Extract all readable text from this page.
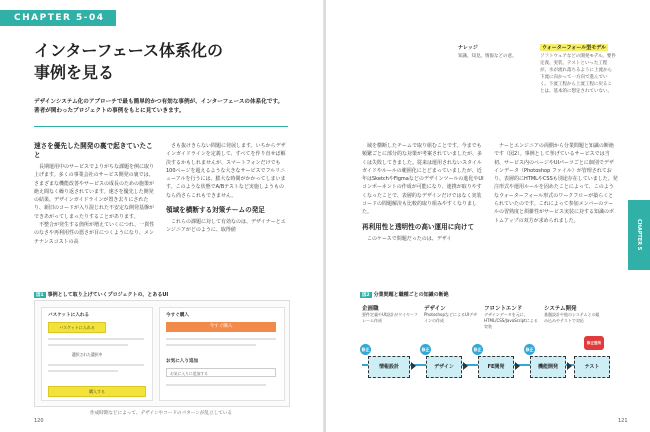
CHAPTER 5-04
インターフェース体系化の
事例を見る
デザインシステム化のアプローチで最も簡単的かつ有効な事例が、インターフェースの体系化です。著者が関わったプロジェクトの事例をもとに見ていきます。
速さを優先した開発の裏で起きていたこと

長期運用中のサービスでよりがちな課題を例に取り上げます。多くの事業会社のサービス開発の裏では、さまざまな機能改善やサービスの成長のための施策が絶え間なく繰り返されています。速さを優先した開発の結果、デザインガイドラインが置き去りにされたり、新旧のコードが入り混じれた不安定な開発基盤ができあがってしまったりすることがあります。

不整合が発生する箇所が増えていくにつれ、一貫性のなさや再利用性の悪さが目につくようになり、メンテナンスコストの高

さも抜けきらない問題に発展します。いちからデザインガイドラインを定義して、すべてを作り直せば解決するかもしれませんが、スマートフォンだけでも100ページを超えるような大きなサービスでフルリニューアルを行うには、膨大な時間がかかってしまいます。このような状態でA/Bテストなど実施しようものなら尚さらこれもできません。

領域を横断する対策チームの発足

これらの課題に対して有効なのは、デザイナーとエンジニアがどのように、取得値

図1 事例として取り上げていくプロジェクトの、とあるUI
バスケットに入れる
バスケットに入れる
選択された選択中
購入する
今すぐ購入
今すぐ購入
お気に入り追加
お気に入りに追加する
作成時期などによって、デザインやコードのパターンが乱立している
120
ナレッジ
知識、知見。情報などの意。
ウォーターフォール型モデル
ソフトウェアなどの開発モデル。要件定義、実装、テストといった工程が、水が流れ落ちるように上流から下流に向かって一方向で進んでいく。下流工程から上流工程に戻ることは、基本的に想定されていない。

域を横断したチームで取り組むことです。今までも頻繁ごとに部分的な対策が考案されていましたが、多くは失敗してきました。従来は運用されないスタイルガイドやルールの範囲化にとどまっていましたが、近年はSketchやFigmaなどのデザインツールの進化やUIコンポーネントの作成が可能になり、連携が取りやすくなったことで、表層的なデザインだけではなく実装コードの問題解決も比較的取り組みやすくなりました。

再利用性と透明性の高い運用に向けて

このケースで問題だったのは、デザイ

ナーとエンジニアの両側から分業問題と知識の断絶です（図2）。事例として挙げているサービスでは当初、サービス内のページやUIパーツごとに個別でデザインデータ（Photoshop ファイル）が管理されており、表層的にHTMLやCSSも別途存在していました。発注形式や運用ルールを固めたことによって、このようなウォーターフォール形式のワークフローが築らくとられていたのです。これによって参加メンバーのツールの習熟度と煩雑性がサービス実装に対する知識のボトムアップの双方が求められました。

図2 分業問題と職種ごとの知識の断絶
121
CHAPTER 5
企画職
要件定義やUI設計がワイヤーフレーム作成
デザイン
PhotoshopなどによるUIデザインの作成
フロントエンド
デザインデータを元に、HTML/CSS/JavaScriptによる実装
システム開発
基盤設計や他のシステムとの組み込みやテストで対応
修正
情報設計
修正
デザイン
修正
FE開発
修正
機能開発
修正箇所
テスト
